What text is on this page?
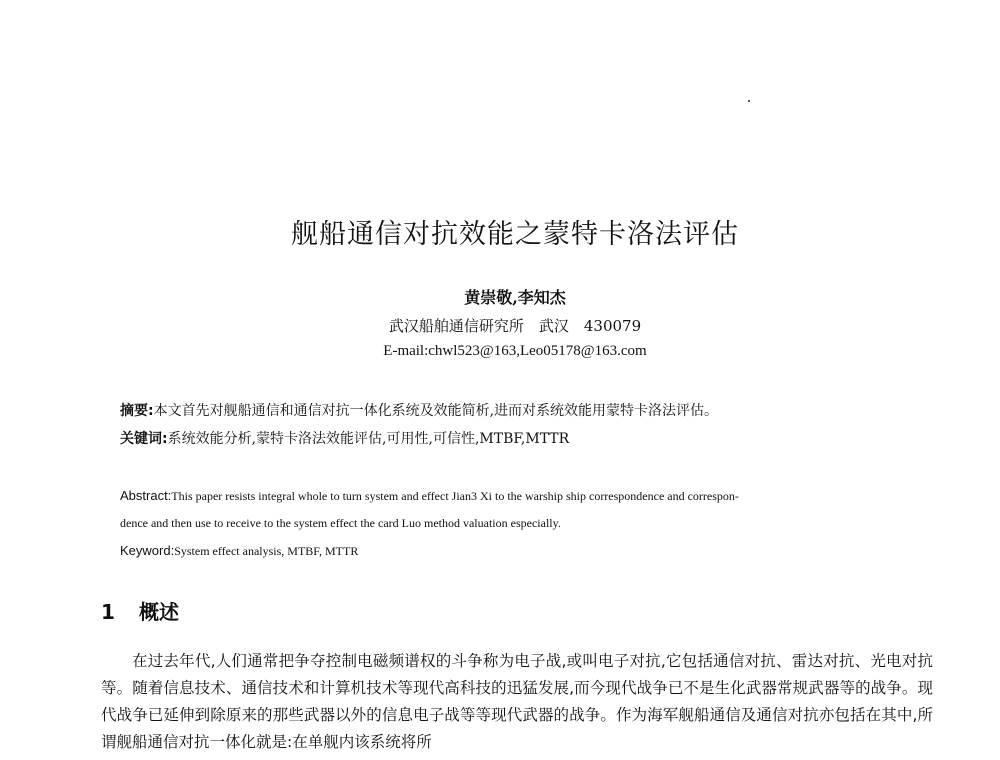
舰船通信对抗效能之蒙特卡洛法评估
黄崇敬,李知杰
武汉船舶通信研究所　武汉　430079
E-mail:chwl523@163,Leo05178@163.com
摘要:本文首先对舰船通信和通信对抗一体化系统及效能简析,进而对系统效能用蒙特卡洛法评估。
关键词:系统效能分析,蒙特卡洛法效能评估,可用性,可信性,MTBF,MTTR
Abstract:This paper resists integral whole to turn system and effect Jian3 Xi to the warship ship correspondence and correspon-
dence and then use to receive to the system effect the card Luo method valuation especially.
Keyword:System effect analysis, MTBF, MTTR
1 概述
在过去年代,人们通常把争夺控制电磁频谱权的斗争称为电子战,或叫电子对抗,它包括通信对抗、雷达对抗、光电对抗等。随着信息技术、通信技术和计算机技术等现代高科技的迅猛发展,而今现代战争已不是生化武器常规武器等的战争。现代战争已延伸到除原来的那些武器以外的信息电子战等等现代武器的战争。作为海军舰船通信及通信对抗亦包括在其中,所谓舰船通信对抗一体化就是:在单舰内该系统将所
